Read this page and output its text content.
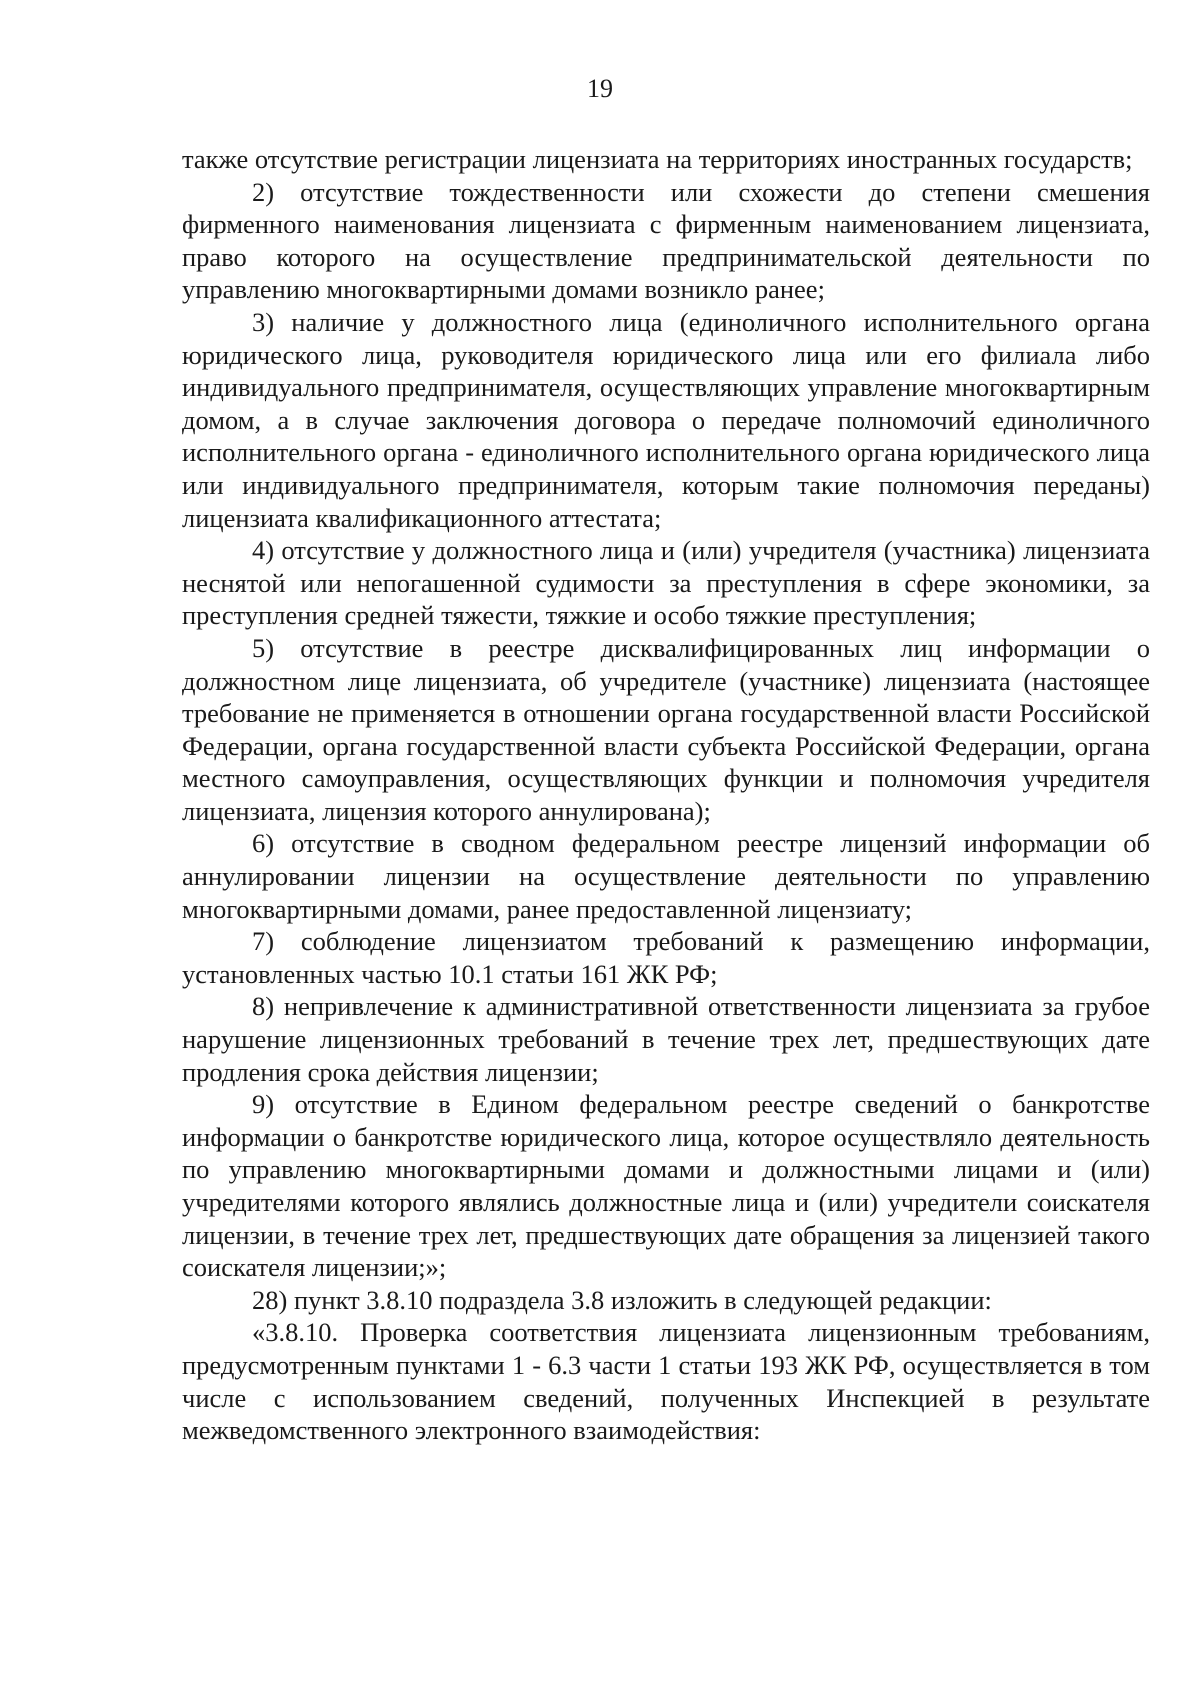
19

также отсутствие регистрации лицензиата на территориях иностранных государств;

2) отсутствие тождественности или схожести до степени смешения фирменного наименования лицензиата с фирменным наименованием лицензиата, право которого на осуществление предпринимательской деятельности по управлению многоквартирными домами возникло ранее;

3) наличие у должностного лица (единоличного исполнительного органа юридического лица, руководителя юридического лица или его филиала либо индивидуального предпринимателя, осуществляющих управление многоквартирным домом, а в случае заключения договора о передаче полномочий единоличного исполнительного органа - единоличного исполнительного органа юридического лица или индивидуального предпринимателя, которым такие полномочия переданы) лицензиата квалификационного аттестата;

4) отсутствие у должностного лица и (или) учредителя (участника) лицензиата неснятой или непогашенной судимости за преступления в сфере экономики, за преступления средней тяжести, тяжкие и особо тяжкие преступления;

5) отсутствие в реестре дисквалифицированных лиц информации о должностном лице лицензиата, об учредителе (участнике) лицензиата (настоящее требование не применяется в отношении органа государственной власти Российской Федерации, органа государственной власти субъекта Российской Федерации, органа местного самоуправления, осуществляющих функции и полномочия учредителя лицензиата, лицензия которого аннулирована);

6) отсутствие в сводном федеральном реестре лицензий информации об аннулировании лицензии на осуществление деятельности по управлению многоквартирными домами, ранее предоставленной лицензиату;

7) соблюдение лицензиатом требований к размещению информации, установленных частью 10.1 статьи 161 ЖК РФ;

8) непривлечение к административной ответственности лицензиата за грубое нарушение лицензионных требований в течение трех лет, предшествующих дате продления срока действия лицензии;

9) отсутствие в Едином федеральном реестре сведений о банкротстве информации о банкротстве юридического лица, которое осуществляло деятельность по управлению многоквартирными домами и должностными лицами и (или) учредителями которого являлись должностные лица и (или) учредители соискателя лицензии, в течение трех лет, предшествующих дате обращения за лицензией такого соискателя лицензии;»;

28) пункт 3.8.10 подраздела 3.8 изложить в следующей редакции:

«3.8.10. Проверка соответствия лицензиата лицензионным требованиям, предусмотренным пунктами 1 - 6.3 части 1 статьи 193 ЖК РФ, осуществляется в том числе с использованием сведений, полученных Инспекцией в результате межведомственного электронного взаимодействия:
